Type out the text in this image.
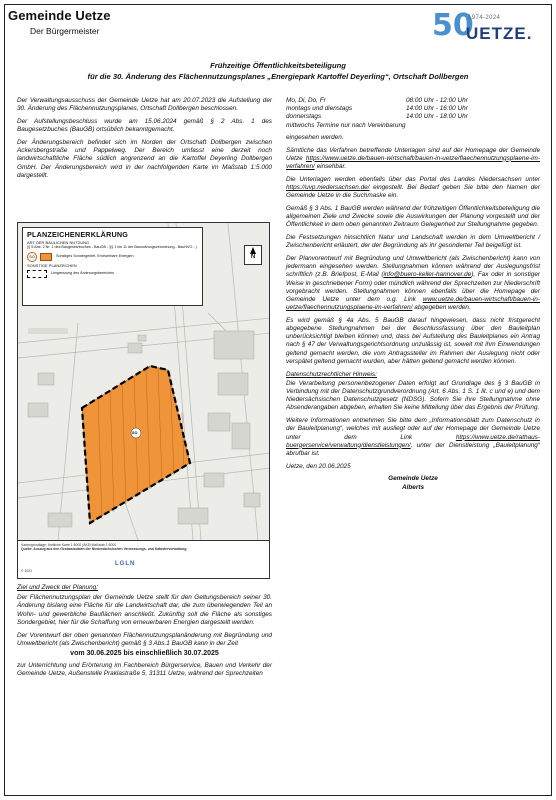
Gemeinde Uetze
Der Bürgermeister	50
1974-2024
UETZE.
Frühzeitige Öffentlichkeitsbeteiligung
für die 30. Änderung des Flächennutzungsplanes „Energiepark Kartoffel Deyerling“, Ortschaft Dollbergen

Der Verwaltungsausschuss der Gemeinde Uetze hat am 20.07.2023 die Aufstellung der 30. Änderung des Flächennutzungsplanes, Ortschaft Dollbergen beschlossen.

Der Aufstellungsbeschluss wurde am 15.06.2024 gemäß § 2 Abs. 1 des Baugesetzbuches (BauGB) ortsüblich bekanntgemacht.

Der Änderungsbereich befindet sich im Norden der Ortschaft Dollbergen zwischen Ackersbergstraße und Pappelweg. Der Bereich umfasst eine derzeit noch landwirtschaftliche Fläche südlich angrenzend an die Kartoffel Deyerling Dollbergen GmbH. Der Änderungsbereich wird in der nachfolgenden Karte im Maßstab 1:5.000 dargestellt.

SO
PLANZEICHENERKLÄRUNG
ART DER BAULICHEN NUTZUNG
(§ 5 Abs. 2 Nr. 1 des Baugesetzbuches - BauGB - §§ 1 bis 11 der Baunutzungsverordnung - BauNVO - )
SO	Sonstiges Sondergebiet, Erneuerbare Energien
SONSTIGE PLANZEICHEN
Umgrenzung des Änderungsbereiches
N
Kartengrundlage: Amtliche Karte 1:5000 (AK5) Maßstab 1:5000
Quelle: Auszug aus den Geobasisdaten der Niedersächsischen Vermessungs- und Katasterverwaltung,
© 2021
LGLN

Ziel und Zweck der Planung:

Der Flächennutzungsplan der Gemeinde Uetze stellt für den Geltungsbereich seiner 30. Änderung bislang eine Fläche für die Landwirtschaft dar, die zum überwiegenden Teil an Wohn- und gewerbliche Bauflächen anschließt. Zukünftig soll die Fläche als sonstiges Sondergebiet, hier für die Schaffung von erneuerbaren Energien dargestellt werden.

Der Vorentwurf der oben genannten Flächennutzungsplanänderung mit Begründung und Umweltbericht (als Zwischenbericht) gemäß § 3 Abs.1 BauGB kann in der Zeit

vom 30.06.2025 bis einschließlich 30.07.2025

zur Unterrichtung und Erörterung im Fachbereich Bürgerservice, Bauen und Verkehr der Gemeinde Uetze, Außenstelle Praklastraße 5, 31311 Uetze, während der Sprechzeiten

Mo, Di, Do, Fr	08:00 Uhr - 12:00 Uhr
montags und dienstags	14:00 Uhr - 16:00 Uhr
donnerstags	14:00 Uhr - 18:00 Uhr
mittwochs Termine nur nach Vereinbarung

eingesehen werden.

Sämtliche das Verfahren betreffende Unterlagen sind auf der Homepage der Gemeinde Uetze https://www.uetze.de/bauen-wirtschaft/bauen-in-uetze/flaechennutzungsplaene-im-verfahren/ einsehbar.

Die Unterlagen werden ebenfalls über das Portal des Landes Niedersachsen unter https://uvp.niedersachsen.de/ eingestellt. Bei Bedarf geben Sie bitte den Namen der Gemeinde Uetze in die Suchmaske ein.

Gemäß § 3 Abs. 1 BauGB werden während der frühzeitigen Öffentlichkeitsbeteiligung die allgemeinen Ziele und Zwecke sowie die Auswirkungen der Planung vorgestellt und der Öffentlichkeit in dem oben genannten Zeitraum Gelegenheit zur Stellungnahme gegeben.

Die Festsetzungen hinsichtlich Natur und Landschaft werden in dem Umweltbericht / Zwischenbericht erläutert, der der Begründung als ihr gesonderter Teil beigefügt ist.

Der Planvorentwurf mit Begründung und Umweltbericht (als Zwischenbericht) kann von jedermann eingesehen werden. Stellungnahmen können während der Auslegungsfrist schriftlich (z.B. Briefpost, E-Mail (info@buero-keller-hannover.de), Fax oder in sonstiger Weise in geschriebener Form) oder mündlich während der Sprechzeiten zur Niederschrift vorgebracht werden. Stellungnahmen können ebenfalls über die Homepage der Gemeinde Uetze unter dem o.g. Link www.uetze.de/bauen-wirtschaft/bauen-in-uetze/flaechennutzungsplaene-im-verfahren/ abgegeben werden.

Es wird gemäß § 4a Abs. 5 BauGB darauf hingewiesen, dass nicht fristgerecht abgegebene Stellungnahmen bei der Beschlussfassung über den Bauleitplan unberücksichtigt bleiben können und, dass bei Aufstellung des Bauleitplanes ein Antrag nach § 47 der Verwaltungsgerichtsordnung unzulässig ist, soweit mit ihm Einwendungen geltend gemacht werden, die vom Antragssteller im Rahmen der Auslegung nicht oder verspätet geltend gemacht wurden, aber hätten geltend gemacht werden können.

Datenschutzrechtlicher Hinweis:

Die Verarbeitung personenbezogener Daten erfolgt auf Grundlage des § 3 BauGB in Verbindung mit der Datenschutzgrundverordnung (Art. 6 Abs. 1 S. 1 lit. c und e) und dem Niedersächsischen Datenschutzgesetz (NDSG). Sofern Sie ihre Stellungnahme ohne Absenderangaben abgeben, erhalten Sie keine Mitteilung über das Ergebnis der Prüfung.

Weitere Informationen entnehmen Sie bitte dem „Informationsblatt zum Datenschutz in der Bauleitplanung“, welches mit ausliegt oder auf der Homepage der Gemeinde Uetze unter dem Link	https://www.uetze.de/rathaus-buergerservice/verwaltung/dienstleistungen/, unter der Dienstleistung „Bauleitplanung“ abrufbar ist.

Uetze, den 20.06.2025

Gemeinde Uetze

Alberts
